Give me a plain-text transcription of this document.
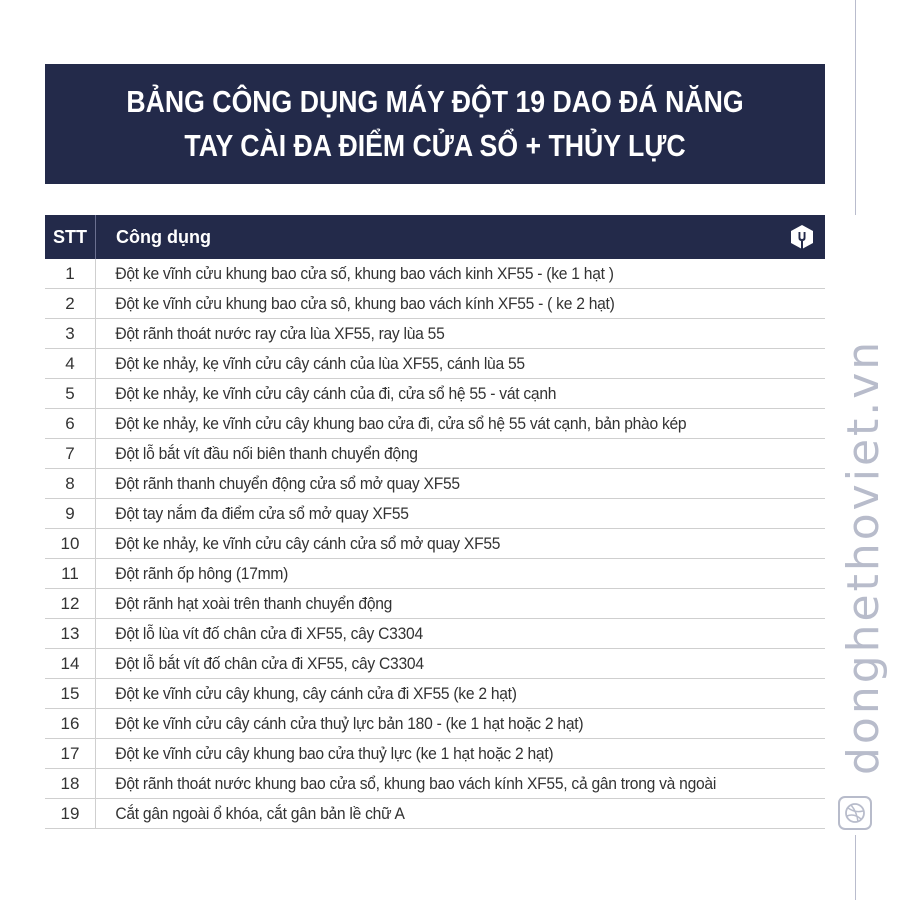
BẢNG CÔNG DỤNG MÁY ĐỘT 19 DAO ĐÁ NĂNG
TAY CÀI ĐA ĐIỂM CỬA SỔ + THỦY LỰC
STT	Công dụng
1	Đột ke vĩnh cửu khung bao cửa số, khung bao vách kinh XF55 - (ke 1 hạt )
2	Đột ke vĩnh cửu khung bao cửa sô, khung bao vách kính XF55 - ( ke 2 hạt)
3	Đột rãnh thoát nước ray cửa lùa XF55, ray lùa 55
4	Đột ke nhảy, kẹ vĩnh cửu cây cánh của lùa XF55, cánh lùa 55
5	Đột ke nhảy, ke vĩnh cửu cây cánh của đi, cửa sổ hệ 55 - vát cạnh
6	Đột ke nhảy, ke vĩnh cửu cây khung bao cửa đi, cửa sổ hệ 55 vát cạnh, bản phào kép
7	Đột lỗ bắt vít đầu nối biên thanh chuyển động
8	Đột rãnh thanh chuyển động cửa sổ mở quay XF55
9	Đột tay nắm đa điểm cửa sổ mở quay XF55
10	Đột ke nhảy, ke vĩnh cửu cây cánh cửa sổ mở quay XF55
11	Đột rãnh ốp hông (17mm)
12	Đột rãnh hạt xoài trên thanh chuyển động
13	Đột lỗ lùa vít đố chân cửa đi XF55, cây C3304
14	Đột lỗ bắt vít đố chân cửa đi XF55, cây C3304
15	Đột ke vĩnh cửu cây khung, cây cánh cửa đi XF55 (ke 2 hạt)
16	Đột ke vĩnh cửu cây cánh cửa thuỷ lực bản 180 - (ke 1 hạt hoặc 2 hạt)
17	Đột ke vĩnh cửu cây khung bao cửa thuỷ lực (ke 1 hạt hoặc 2 hạt)
18	Đột rãnh thoát nước khung bao cửa sổ, khung bao vách kính XF55, cả gân trong và ngoài
19	Cắt gân ngoài ổ khóa, cắt gân bản lề chữ A
donghethoviet.vn
